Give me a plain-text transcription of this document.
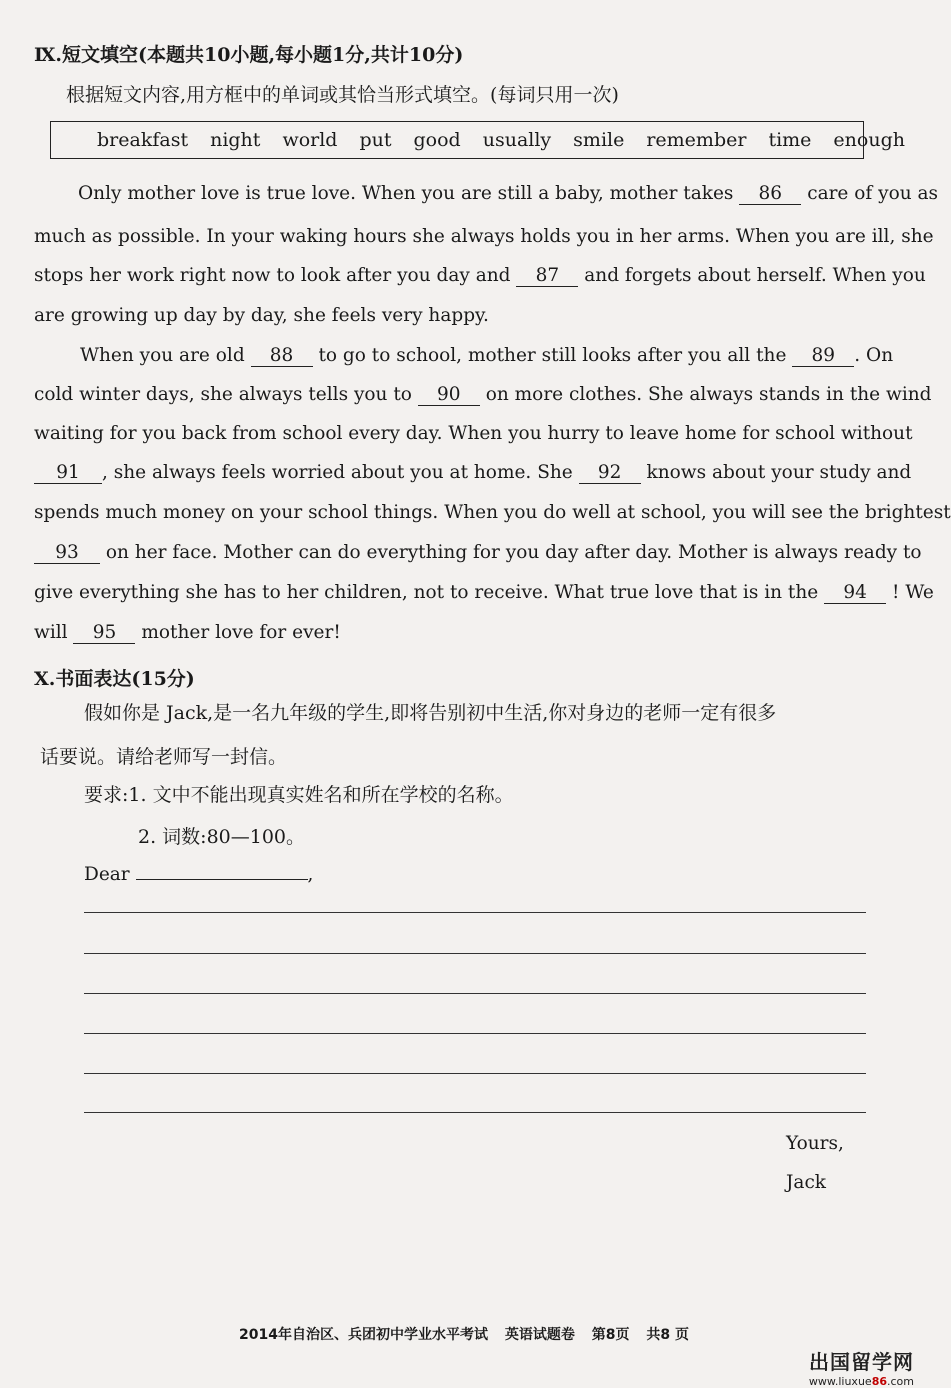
Ⅸ.短文填空(本题共10小题,每小题1分,共计10分)
根据短文内容,用方框中的单词或其恰当形式填空。(每词只用一次)
breakfast night world put good usually smile remember time enough
Only mother love is true love. When you are still a baby, mother takes 86 care of you as
much as possible. In your waking hours she always holds you in her arms. When you are ill, she
stops her work right now to look after you day and 87 and forgets about herself. When you
are growing up day by day, she feels very happy.
When you are old 88 to go to school, mother still looks after you all the 89 . On
cold winter days, she always tells you to 90 on more clothes. She always stands in the wind
waiting for you back from school every day. When you hurry to leave home for school without
91 , she always feels worried about you at home. She 92 knows about your study and
spends much money on your school things. When you do well at school, you will see the brightest
93 on her face. Mother can do everything for you day after day. Mother is always ready to
give everything she has to her children, not to receive. What true love that is in the 94 ! We
will 95 mother love for ever!
Ⅹ.书面表达(15分)
假如你是 Jack,是一名九年级的学生,即将告别初中生活,你对身边的老师一定有很多
话要说。请给老师写一封信。
要求:1. 文中不能出现真实姓名和所在学校的名称。
2. 词数:80—100。
Dear	,
Yours,
Jack
2014年自治区、兵团初中学业水平考试 英语试题卷 第8页 共8 页
出国留学网
www.liuxue86.com
